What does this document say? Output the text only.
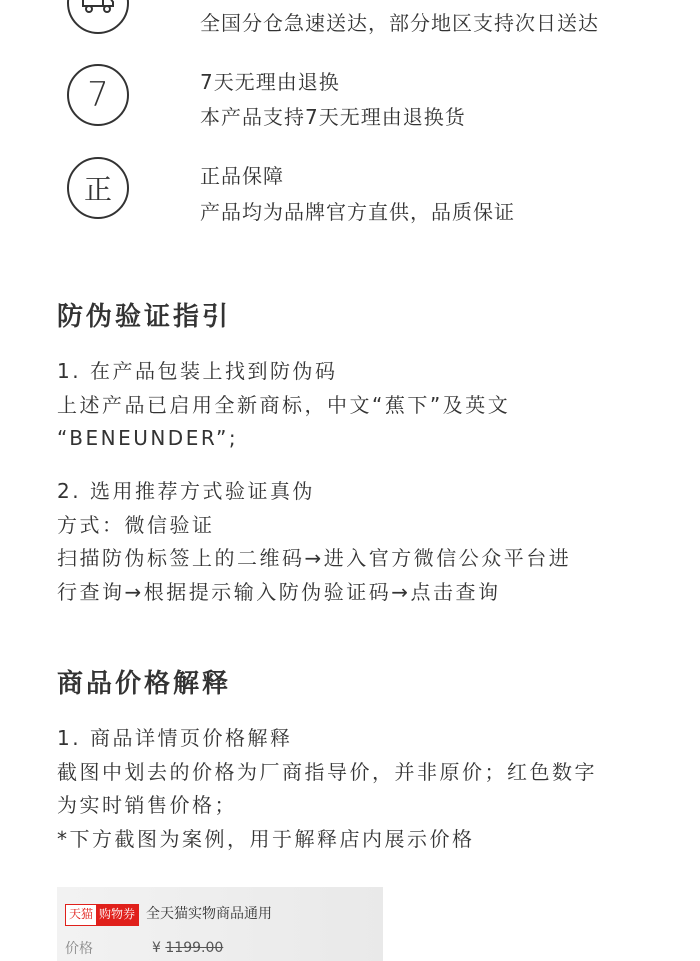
全国分仓急速送达，部分地区支持次日送达
7	7天无理由退换
本产品支持7天无理由退换货
正	正品保障
产品均为品牌官方直供，品质保证
防伪验证指引
1. 在产品包装上找到防伪码
上述产品已启用全新商标，中文“蕉下”及英文
“BENEUNDER”;
2. 选用推荐方式验证真伪
方式：微信验证
扫描防伪标签上的二维码→进入官方微信公众平台进
行查询→根据提示输入防伪验证码→点击查询
商品价格解释
1. 商品详情页价格解释
截图中划去的价格为厂商指导价，并非原价；红色数字
为实时销售价格；
*下方截图为案例，用于解释店内展示价格
天猫 购物券 全天猫实物商品通用
价格	¥ 1199.00
